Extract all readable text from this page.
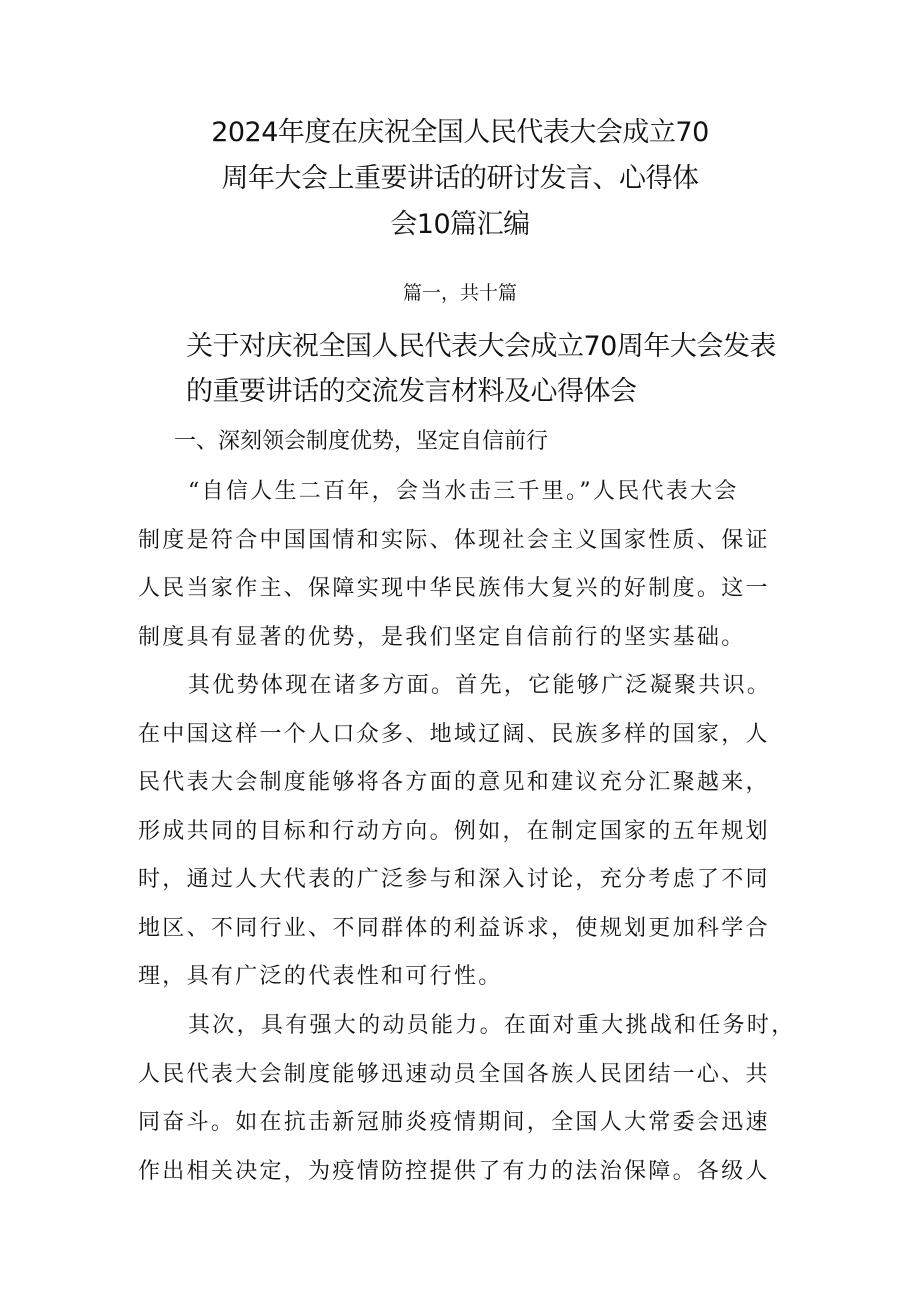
2024年度在庆祝全国人民代表大会成立70
周年大会上重要讲话的研讨发言、心得体
会10篇汇编
篇一，共十篇
关于对庆祝全国人民代表大会成立70周年大会发表
的重要讲话的交流发言材料及心得体会
一、深刻领会制度优势，坚定自信前行
“自信人生二百年，会当水击三千里。”人民代表大会
制度是符合中国国情和实际、体现社会主义国家性质、保证
人民当家作主、保障实现中华民族伟大复兴的好制度。这一
制度具有显著的优势，是我们坚定自信前行的坚实基础。
其优势体现在诸多方面。首先，它能够广泛凝聚共识。
在中国这样一个人口众多、地域辽阔、民族多样的国家，人
民代表大会制度能够将各方面的意见和建议充分汇聚越来，
形成共同的目标和行动方向。例如，在制定国家的五年规划
时，通过人大代表的广泛参与和深入讨论，充分考虑了不同
地区、不同行业、不同群体的利益诉求，使规划更加科学合
理，具有广泛的代表性和可行性。
其次，具有强大的动员能力。在面对重大挑战和任务时，
人民代表大会制度能够迅速动员全国各族人民团结一心、共
同奋斗。如在抗击新冠肺炎疫情期间，全国人大常委会迅速
作出相关决定，为疫情防控提供了有力的法治保障。各级人
